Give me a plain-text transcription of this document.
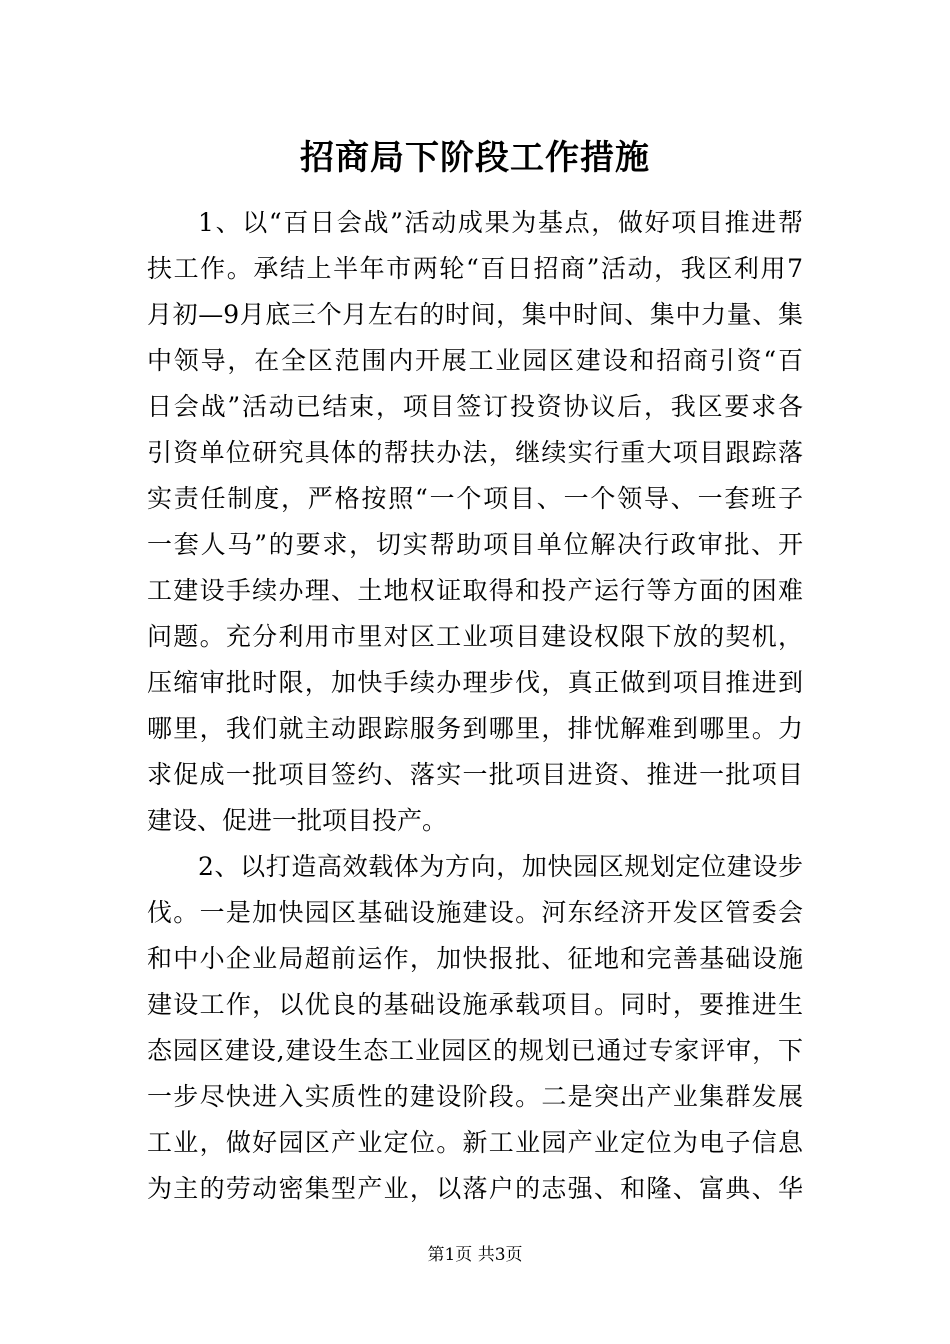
招商局下阶段工作措施
1、以“百日会战”活动成果为基点，做好项目推进帮
扶工作。承结上半年市两轮“百日招商”活动，我区利用7
月初—9月底三个月左右的时间，集中时间、集中力量、集
中领导，在全区范围内开展工业园区建设和招商引资“百
日会战”活动已结束，项目签订投资协议后，我区要求各
引资单位研究具体的帮扶办法，继续实行重大项目跟踪落
实责任制度，严格按照“一个项目、一个领导、一套班子
一套人马”的要求，切实帮助项目单位解决行政审批、开
工建设手续办理、土地权证取得和投产运行等方面的困难
问题。充分利用市里对区工业项目建设权限下放的契机，
压缩审批时限，加快手续办理步伐，真正做到项目推进到
哪里，我们就主动跟踪服务到哪里，排忧解难到哪里。力
求促成一批项目签约、落实一批项目进资、推进一批项目
建设、促进一批项目投产。
2、以打造高效载体为方向，加快园区规划定位建设步
伐。一是加快园区基础设施建设。河东经济开发区管委会
和中小企业局超前运作，加快报批、征地和完善基础设施
建设工作，以优良的基础设施承载项目。同时，要推进生
态园区建设,建设生态工业园区的规划已通过专家评审，下
一步尽快进入实质性的建设阶段。二是突出产业集群发展
工业，做好园区产业定位。新工业园产业定位为电子信息
为主的劳动密集型产业，以落户的志强、和隆、富典、华
第1页 共3页
